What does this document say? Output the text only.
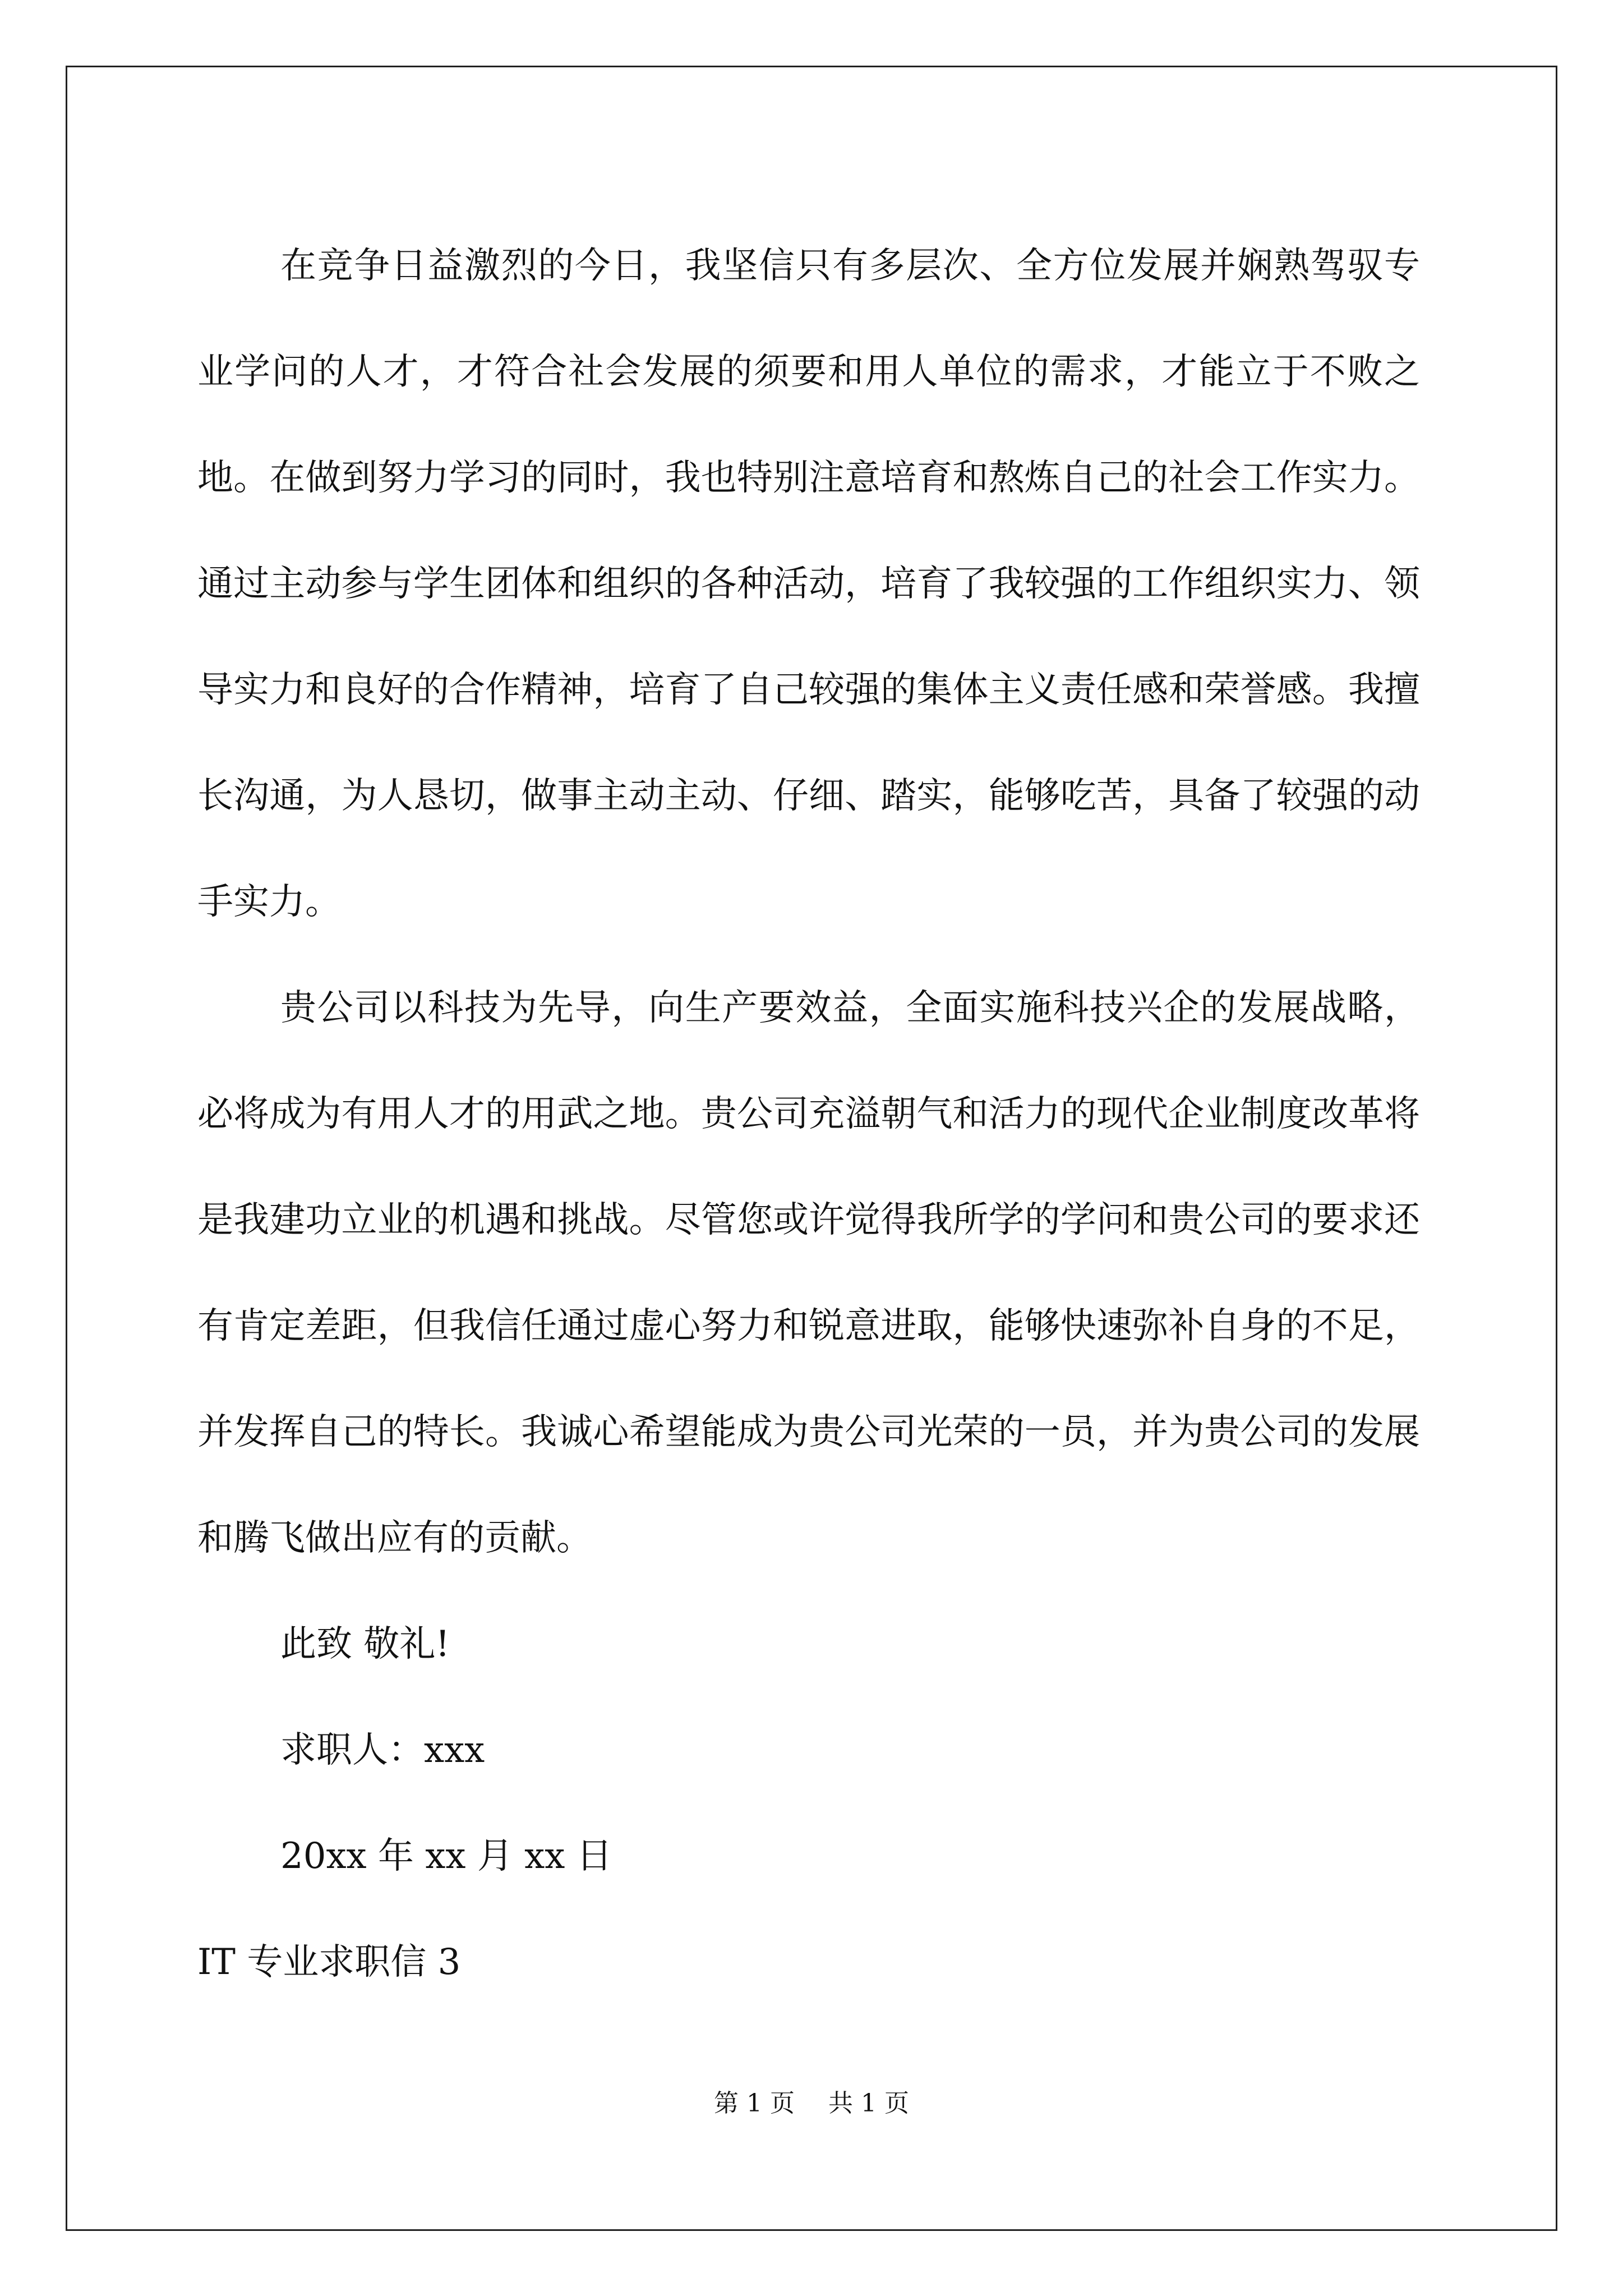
在竞争日益激烈的今日，我坚信只有多层次、全方位发展并娴熟驾驭专业学问的人才，才符合社会发展的须要和用人单位的需求，才能立于不败之地。在做到努力学习的同时，我也特别注意培育和熬炼自己的社会工作实力。通过主动参与学生团体和组织的各种活动，培育了我较强的工作组织实力、领导实力和良好的合作精神，培育了自己较强的集体主义责任感和荣誉感。我擅长沟通，为人恳切，做事主动主动、仔细、踏实，能够吃苦，具备了较强的动手实力。

贵公司以科技为先导，向生产要效益，全面实施科技兴企的发展战略，必将成为有用人才的用武之地。贵公司充溢朝气和活力的现代企业制度改革将是我建功立业的机遇和挑战。尽管您或许觉得我所学的学问和贵公司的要求还有肯定差距，但我信任通过虚心努力和锐意进取，能够快速弥补自身的不足，并发挥自己的特长。我诚心希望能成为贵公司光荣的一员，并为贵公司的发展和腾飞做出应有的贡献。

此致 敬礼!

求职人：xxx

20xx 年 xx 月 xx 日

IT 专业求职信 3

第 1 页 共 1 页
